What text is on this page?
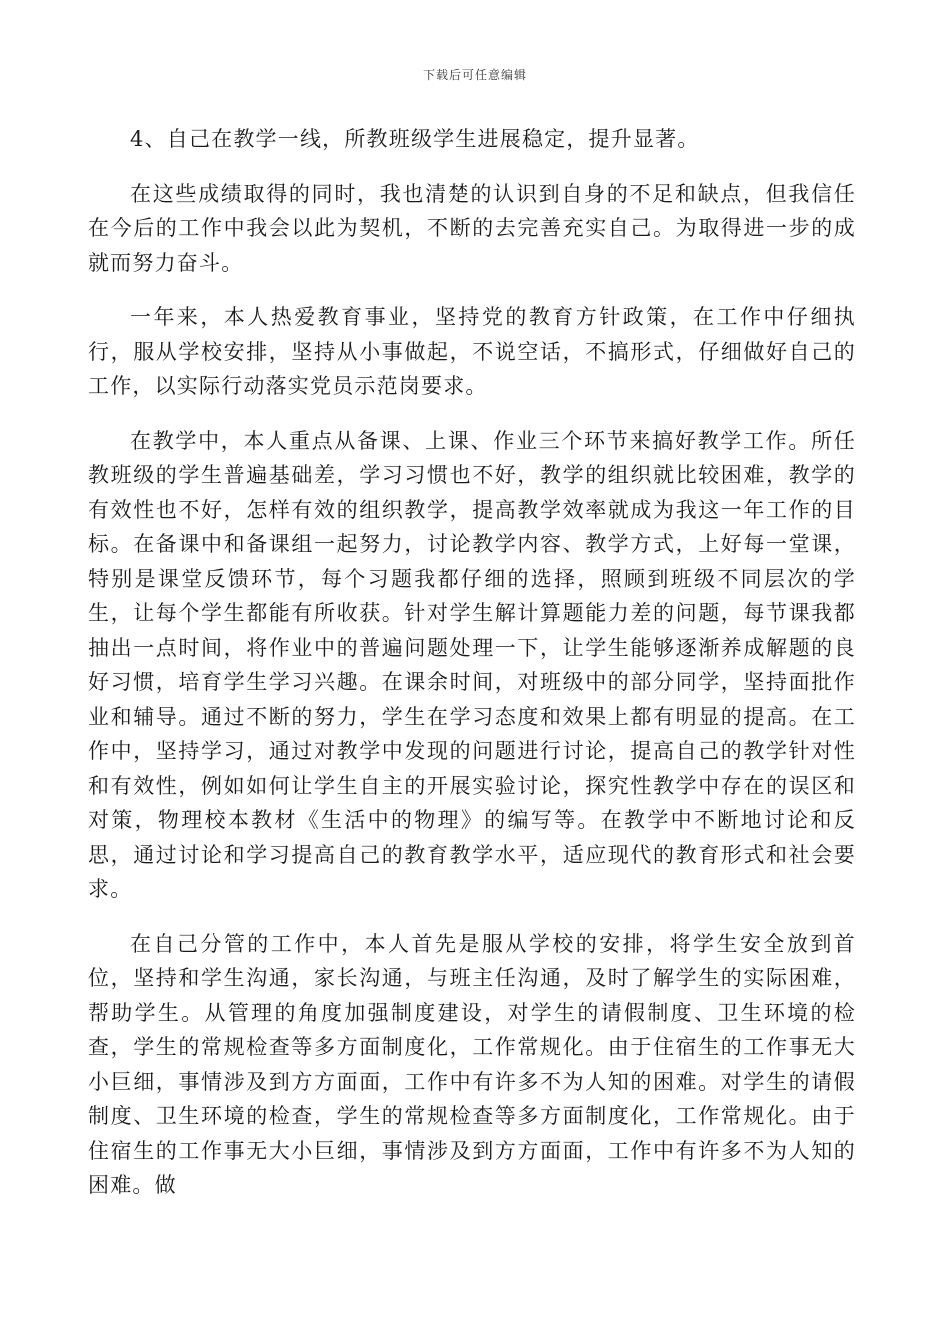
下载后可任意编辑

4、自己在教学一线，所教班级学生进展稳定，提升显著。

在这些成绩取得的同时，我也清楚的认识到自身的不足和缺点，但我信任在今后的工作中我会以此为契机，不断的去完善充实自己。为取得进一步的成就而努力奋斗。

一年来，本人热爱教育事业，坚持党的教育方针政策，在工作中仔细执行，服从学校安排，坚持从小事做起，不说空话，不搞形式，仔细做好自己的工作，以实际行动落实党员示范岗要求。

在教学中，本人重点从备课、上课、作业三个环节来搞好教学工作。所任教班级的学生普遍基础差，学习习惯也不好，教学的组织就比较困难，教学的有效性也不好，怎样有效的组织教学，提高教学效率就成为我这一年工作的目标。在备课中和备课组一起努力，讨论教学内容、教学方式，上好每一堂课，特别是课堂反馈环节，每个习题我都仔细的选择，照顾到班级不同层次的学生，让每个学生都能有所收获。针对学生解计算题能力差的问题，每节课我都抽出一点时间，将作业中的普遍问题处理一下，让学生能够逐渐养成解题的良好习惯，培育学生学习兴趣。在课余时间，对班级中的部分同学，坚持面批作业和辅导。通过不断的努力，学生在学习态度和效果上都有明显的提高。在工作中，坚持学习，通过对教学中发现的问题进行讨论，提高自己的教学针对性和有效性，例如如何让学生自主的开展实验讨论，探究性教学中存在的误区和对策，物理校本教材《生活中的物理》的编写等。在教学中不断地讨论和反思，通过讨论和学习提高自己的教育教学水平，适应现代的教育形式和社会要求。

在自己分管的工作中，本人首先是服从学校的安排，将学生安全放到首位，坚持和学生沟通，家长沟通，与班主任沟通，及时了解学生的实际困难，帮助学生。从管理的角度加强制度建设，对学生的请假制度、卫生环境的检查，学生的常规检查等多方面制度化，工作常规化。由于住宿生的工作事无大小巨细，事情涉及到方方面面，工作中有许多不为人知的困难。对学生的请假制度、卫生环境的检查，学生的常规检查等多方面制度化，工作常规化。由于住宿生的工作事无大小巨细，事情涉及到方方面面，工作中有许多不为人知的困难。做
